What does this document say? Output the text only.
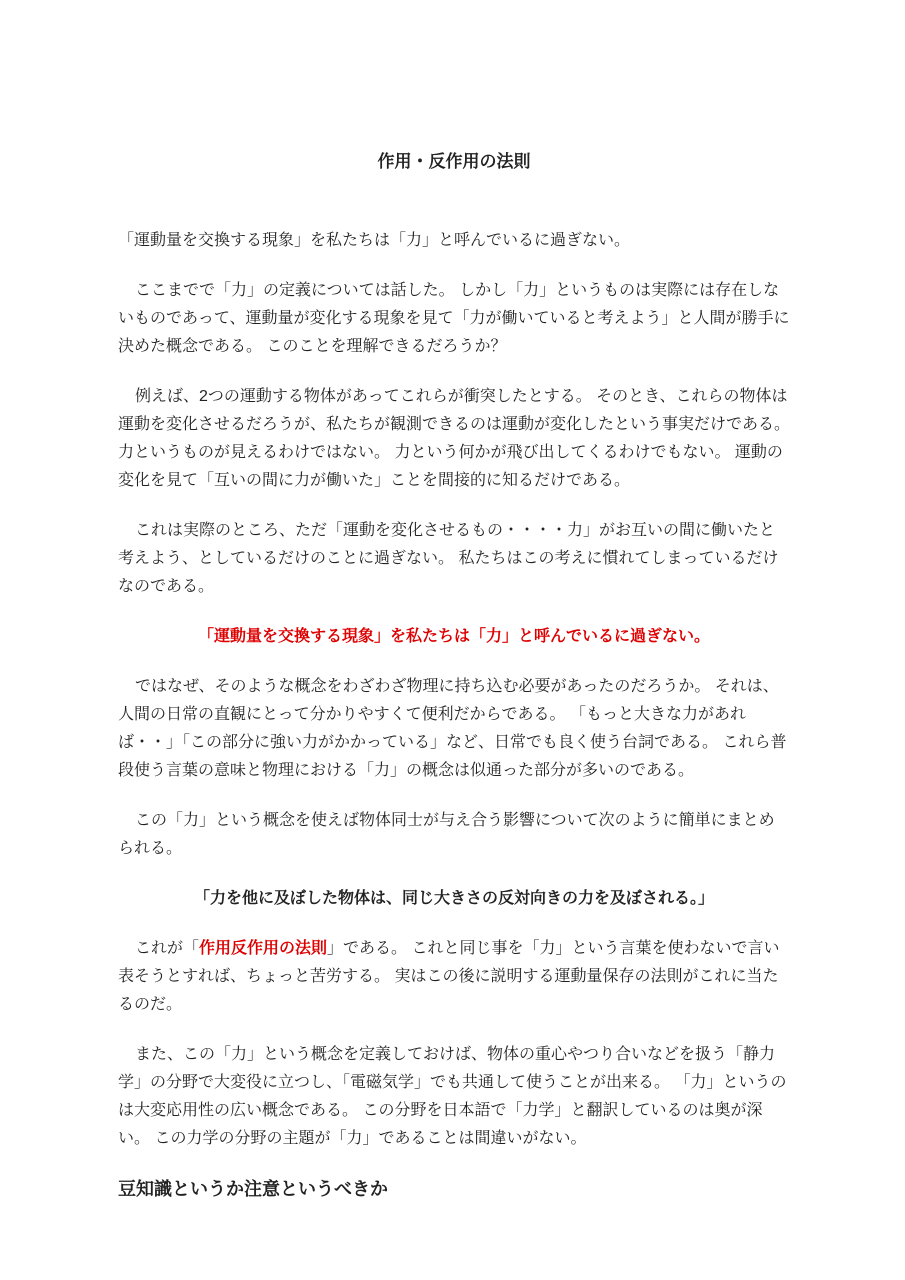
作用・反作用の法則

「運動量を交換する現象」を私たちは「力」と呼んでいるに過ぎない。

ここまでで「力」の定義については話した。 しかし「力」というものは実際には存在しないものであって、運動量が変化する現象を見て「力が働いていると考えよう」と人間が勝手に決めた概念である。 このことを理解できるだろうか？

例えば、2つの運動する物体があってこれらが衝突したとする。 そのとき、これらの物体は運動を変化させるだろうが、私たちが観測できるのは運動が変化したという事実だけである。 力というものが見えるわけではない。 力という何かが飛び出してくるわけでもない。 運動の変化を見て「互いの間に力が働いた」ことを間接的に知るだけである。

これは実際のところ、ただ「運動を変化させるもの・・・・力」がお互いの間に働いたと考えよう、としているだけのことに過ぎない。 私たちはこの考えに慣れてしまっているだけなのである。

「運動量を交換する現象」を私たちは「力」と呼んでいるに過ぎない。

ではなぜ、そのような概念をわざわざ物理に持ち込む必要があったのだろうか。 それは、人間の日常の直観にとって分かりやすくて便利だからである。 「もっと大きな力があれば・・」「この部分に強い力がかかっている」など、日常でも良く使う台詞である。 これら普段使う言葉の意味と物理における「力」の概念は似通った部分が多いのである。

この「力」という概念を使えば物体同士が与え合う影響について次のように簡単にまとめられる。

「力を他に及ぼした物体は、同じ大きさの反対向きの力を及ぼされる。」

これが「作用反作用の法則」である。 これと同じ事を「力」という言葉を使わないで言い表そうとすれば、ちょっと苦労する。 実はこの後に説明する運動量保存の法則がこれに当たるのだ。

また、この「力」という概念を定義しておけば、物体の重心やつり合いなどを扱う「静力学」の分野で大変役に立つし、「電磁気学」でも共通して使うことが出来る。 「力」というのは大変応用性の広い概念である。 この分野を日本語で「力学」と翻訳しているのは奥が深い。 この力学の分野の主題が「力」であることは間違いがない。

豆知識というか注意というべきか
